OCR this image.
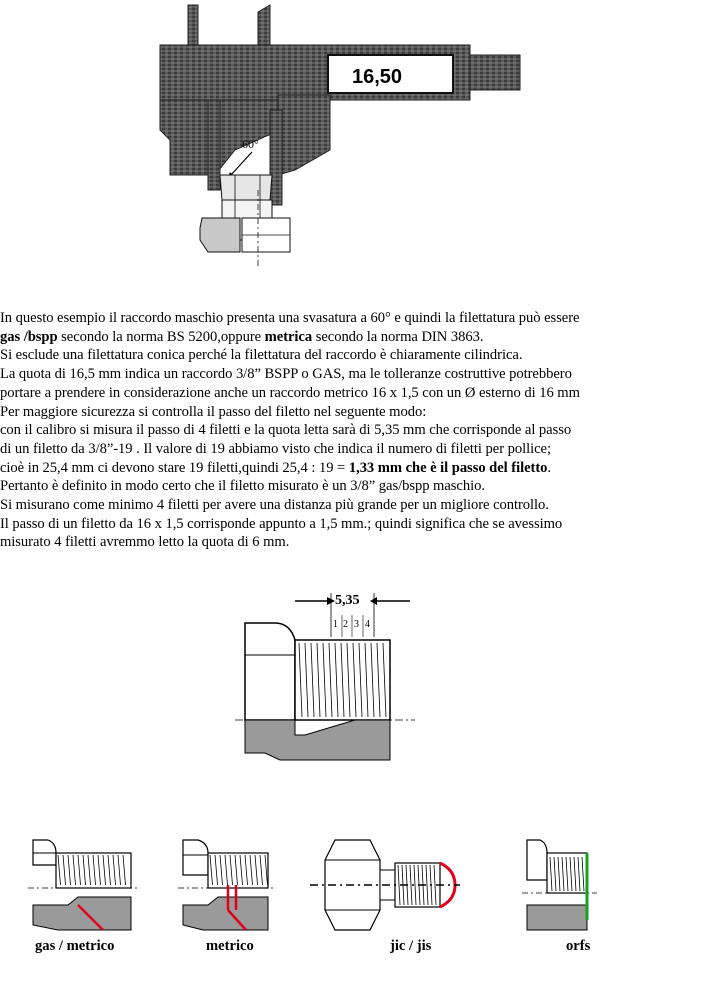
16,50
60°
In questo esempio il raccordo maschio presenta una svasatura a 60° e quindi la filettatura può essere
gas /bspp secondo la norma BS 5200,oppure metrica secondo la norma DIN 3863.
Si esclude una filettatura conica perché la filettatura del raccordo è chiaramente cilindrica.
La quota di 16,5 mm indica un raccordo 3/8” BSPP o GAS, ma le tolleranze costruttive potrebbero
portare a prendere in considerazione anche un raccordo metrico 16 x 1,5 con un Ø esterno di 16 mm
Per maggiore sicurezza si controlla il passo del filetto nel seguente modo:
con il calibro si misura il passo di 4 filetti e la quota letta sarà di 5,35 mm che corrisponde al passo
di un filetto da 3/8”-19 . Il valore di 19 abbiamo visto che indica il numero di filetti per pollice;
cioè in 25,4 mm ci devono stare 19 filetti,quindi 25,4 : 19 = 1,33 mm che è il passo del filetto.
Pertanto è definito in modo certo che il filetto misurato è un 3/8” gas/bspp maschio.
Si misurano come minimo 4 filetti per avere una distanza più grande per un migliore controllo.
Il passo di un filetto da 16 x 1,5 corrisponde appunto a 1,5 mm.; quindi significa che se avessimo
misurato 4 filetti avremmo letto la quota di 6 mm.
5,35
1 2 3 4
gas / metrico	metrico	jic / jis	orfs
